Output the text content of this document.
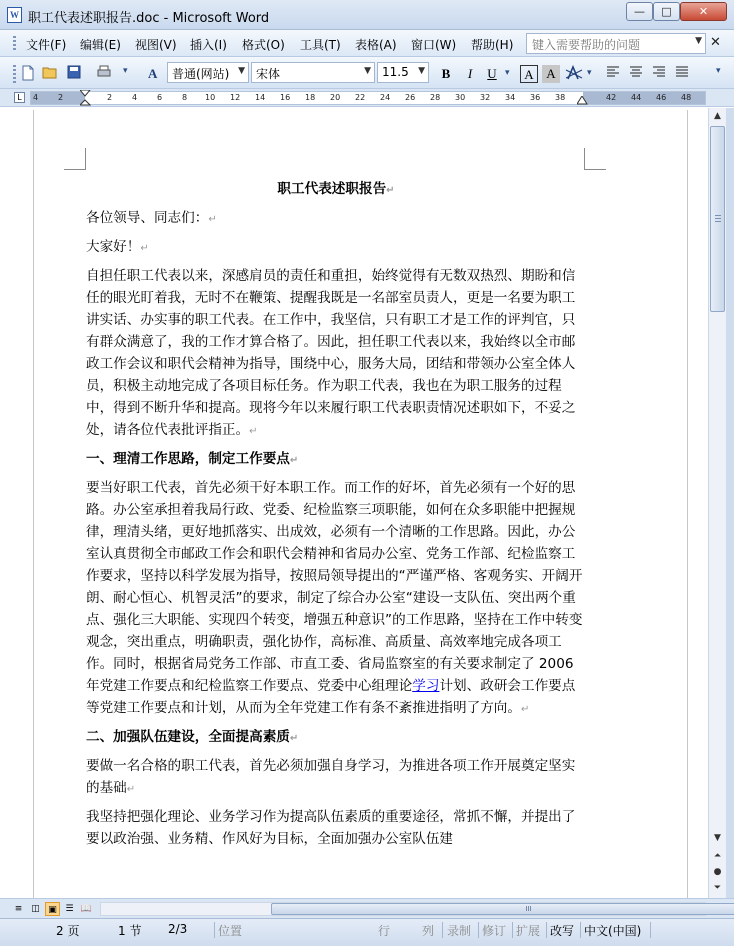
W 职工代表述职报告.doc - Microsoft Word	—	□	✕
文件(F) 编辑(E) 视图(V) 插入(I) 格式(O) 工具(T) 表格(A) 窗口(W) 帮助(H)	键入需要帮助的问题	▼ ✕
▾ A	普通(网站) ▼ 宋体	▼ 11.5 ▼	B	I	U ▾	A A	▾	▾
L	4 2	2 4 6 8 10 12 14 16 18 20 22 24 26 28 30 32 34 36 38	42 44 46 48

职工代表述职报告↵

各位领导、同志们：↵

大家好！↵

自担任职工代表以来，深感肩员的责任和重担，始终觉得有无数双热烈、期盼和信任的眼光盯着我，无时不在鞭策、提醒我既是一名部室员责人，更是一名要为职工讲实话、办实事的职工代表。在工作中，我坚信，只有职工才是工作的评判官，只有群众满意了，我的工作才算合格了。因此，担任职工代表以来，我始终以全市邮政工作会议和职代会精神为指导，围绕中心，服务大局，团结和带领办公室全体人员，积极主动地完成了各项目标任务。作为职工代表，我也在为职工服务的过程中，得到不断升华和提高。现将今年以来履行职工代表职责情况述职如下，不妥之处，请各位代表批评指正。↵

一、理清工作思路，制定工作要点↵

要当好职工代表，首先必须干好本职工作。而工作的好坏，首先必须有一个好的思路。办公室承担着我局行政、党委、纪检监察三项职能，如何在众多职能中把握规律，理清头绪，更好地抓落实、出成效，必须有一个清晰的工作思路。因此，办公室认真贯彻全市邮政工作会和职代会精神和省局办公室、党务工作部、纪检监察工作要求，坚持以科学发展为指导，按照局领导提出的“严谨严格、客观务实、开阔开朗、耐心恒心、机智灵活”的要求，制定了综合办公室“建设一支队伍、突出两个重点、强化三大职能、实现四个转变，增强五种意识”的工作思路，坚持在工作中转变观念，突出重点，明确职责，强化协作，高标准、高质量、高效率地完成各项工作。同时，根据省局党务工作部、市直工委、省局监察室的有关要求制定了 2006 年党建工作要点和纪检监察工作要点、党委中心组理论学习计划、政研会工作要点等党建工作要点和计划，从而为全年党建工作有条不紊推进指明了方向。↵

二、加强队伍建设，全面提高素质↵

要做一名合格的职工代表，首先必须加强自身学习，为推进各项工作开展奠定坚实的基础↵

我坚持把强化理论、业务学习作为提高队伍素质的重要途径，常抓不懈，并提出了要以政治强、业务精、作风好为目标，全面加强办公室队伍建

▲
▼
⏶
●
⏷
≡ ◫ ▣ ☰ 📖	III
2 页	1 节 2/3	位置	行	列 录制 修订 扩展 改写 中文(中国)
